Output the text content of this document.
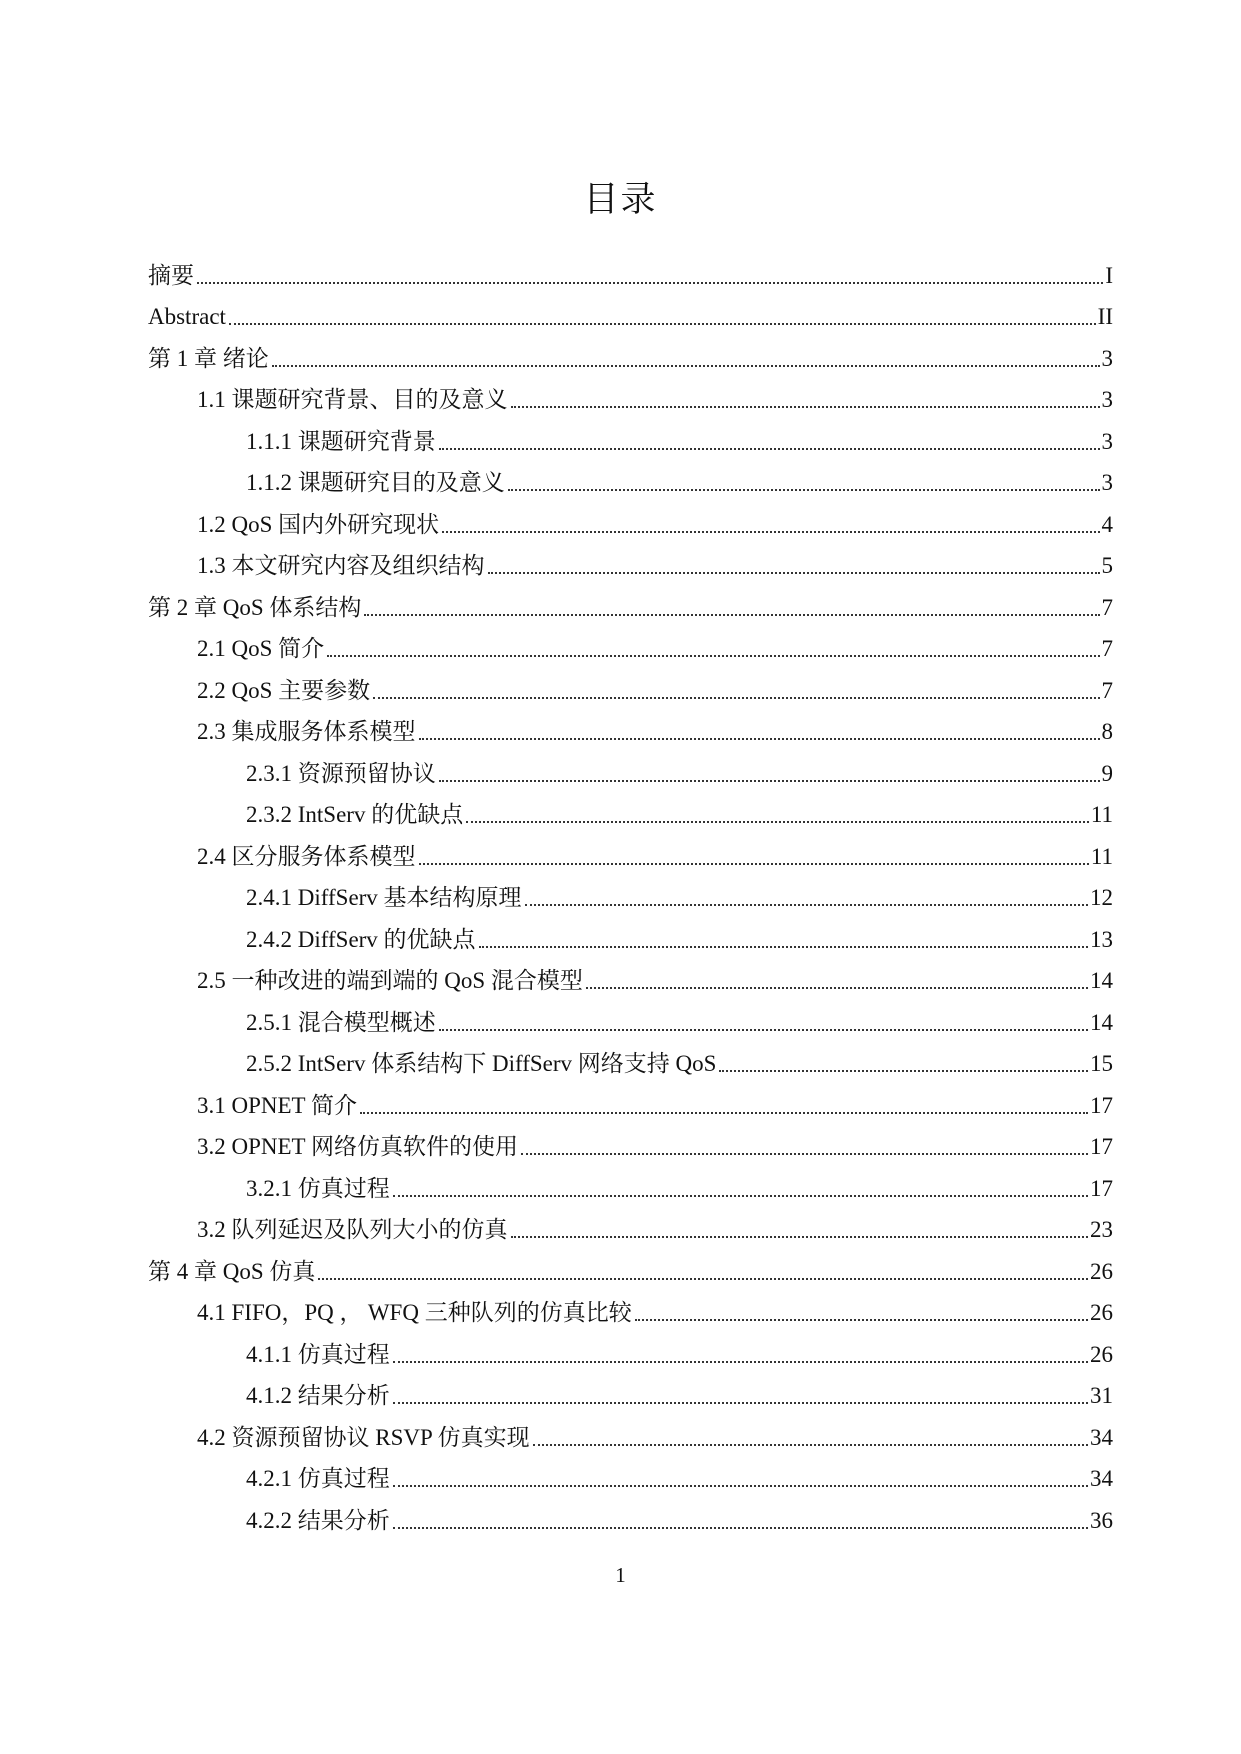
目录
摘要	I
Abstract	II
第 1 章 绪论	3
1.1 课题研究背景、目的及意义	3
1.1.1 课题研究背景	3
1.1.2 课题研究目的及意义	3
1.2 QoS 国内外研究现状	4
1.3 本文研究内容及组织结构	5
第 2 章 QoS 体系结构	7
2.1 QoS 简介	7
2.2 QoS 主要参数	7
2.3 集成服务体系模型	8
2.3.1 资源预留协议	9
2.3.2 IntServ 的优缺点	11
2.4 区分服务体系模型	11
2.4.1 DiffServ 基本结构原理	12
2.4.2 DiffServ 的优缺点	13
2.5 一种改进的端到端的 QoS 混合模型	14
2.5.1 混合模型概述	14
2.5.2 IntServ 体系结构下 DiffServ 网络支持 QoS	15
3.1 OPNET 简介	17
3.2 OPNET 网络仿真软件的使用	17
3.2.1 仿真过程	17
3.2 队列延迟及队列大小的仿真	23
第 4 章 QoS 仿真	26
4.1 FIFO，PQ ， WFQ 三种队列的仿真比较	26
4.1.1 仿真过程	26
4.1.2 结果分析	31
4.2 资源预留协议 RSVP 仿真实现	34
4.2.1 仿真过程	34
4.2.2 结果分析	36
1
